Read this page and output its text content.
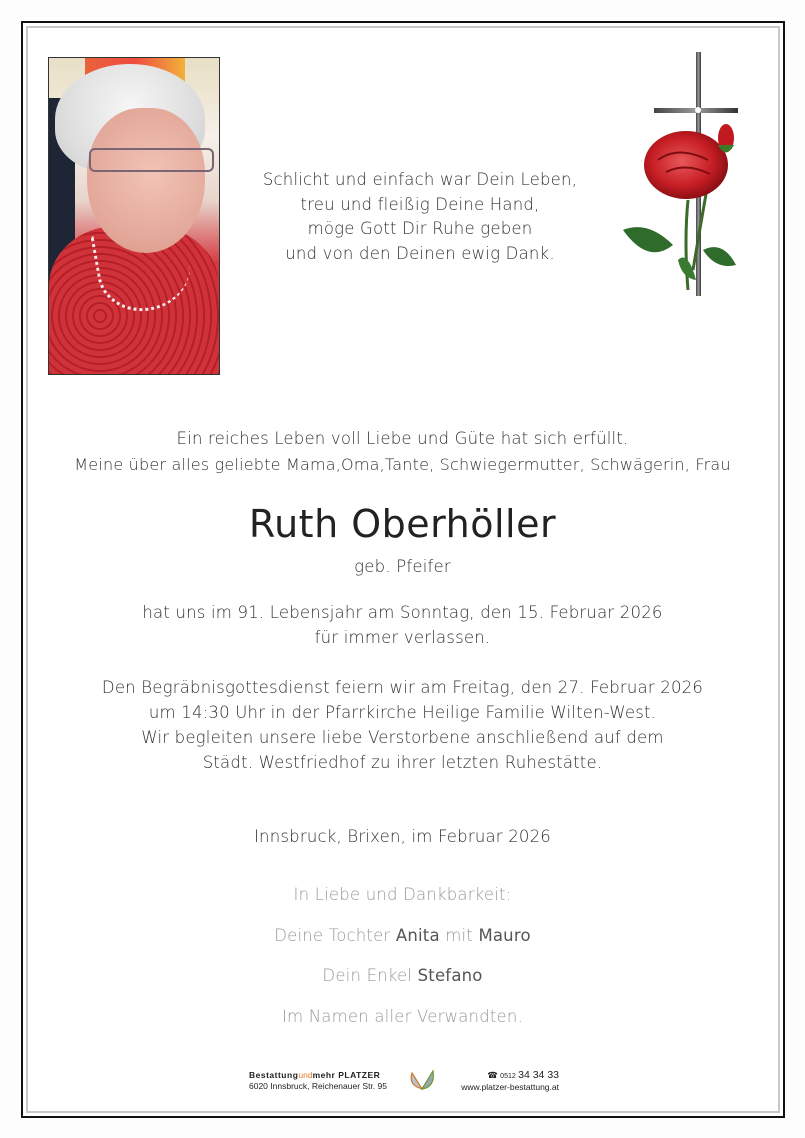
Schlicht und einfach war Dein Leben,
treu und fleißig Deine Hand,
möge Gott Dir Ruhe geben
und von den Deinen ewig Dank.
Ein reiches Leben voll Liebe und Güte hat sich erfüllt.
Meine über alles geliebte Mama,Oma,Tante, Schwiegermutter, Schwägerin, Frau
Ruth Oberhöller
geb. Pfeifer
hat uns im 91. Lebensjahr am Sonntag, den 15. Februar 2026
für immer verlassen.
Den Begräbnisgottesdienst feiern wir am Freitag, den 27. Februar 2026
um 14:30 Uhr in der Pfarrkirche Heilige Familie Wilten-West.
Wir begleiten unsere liebe Verstorbene anschließend auf dem
Städt. Westfriedhof zu ihrer letzten Ruhestätte.
Innsbruck, Brixen, im Februar 2026
In Liebe und Dankbarkeit:
Deine Tochter Anita mit Mauro
Dein Enkel Stefano
Im Namen aller Verwandten.
Bestattungundmehr PLATZER
6020 Innsbruck, Reichenauer Str. 95
☎ 0512 34 34 33
www.platzer-bestattung.at
